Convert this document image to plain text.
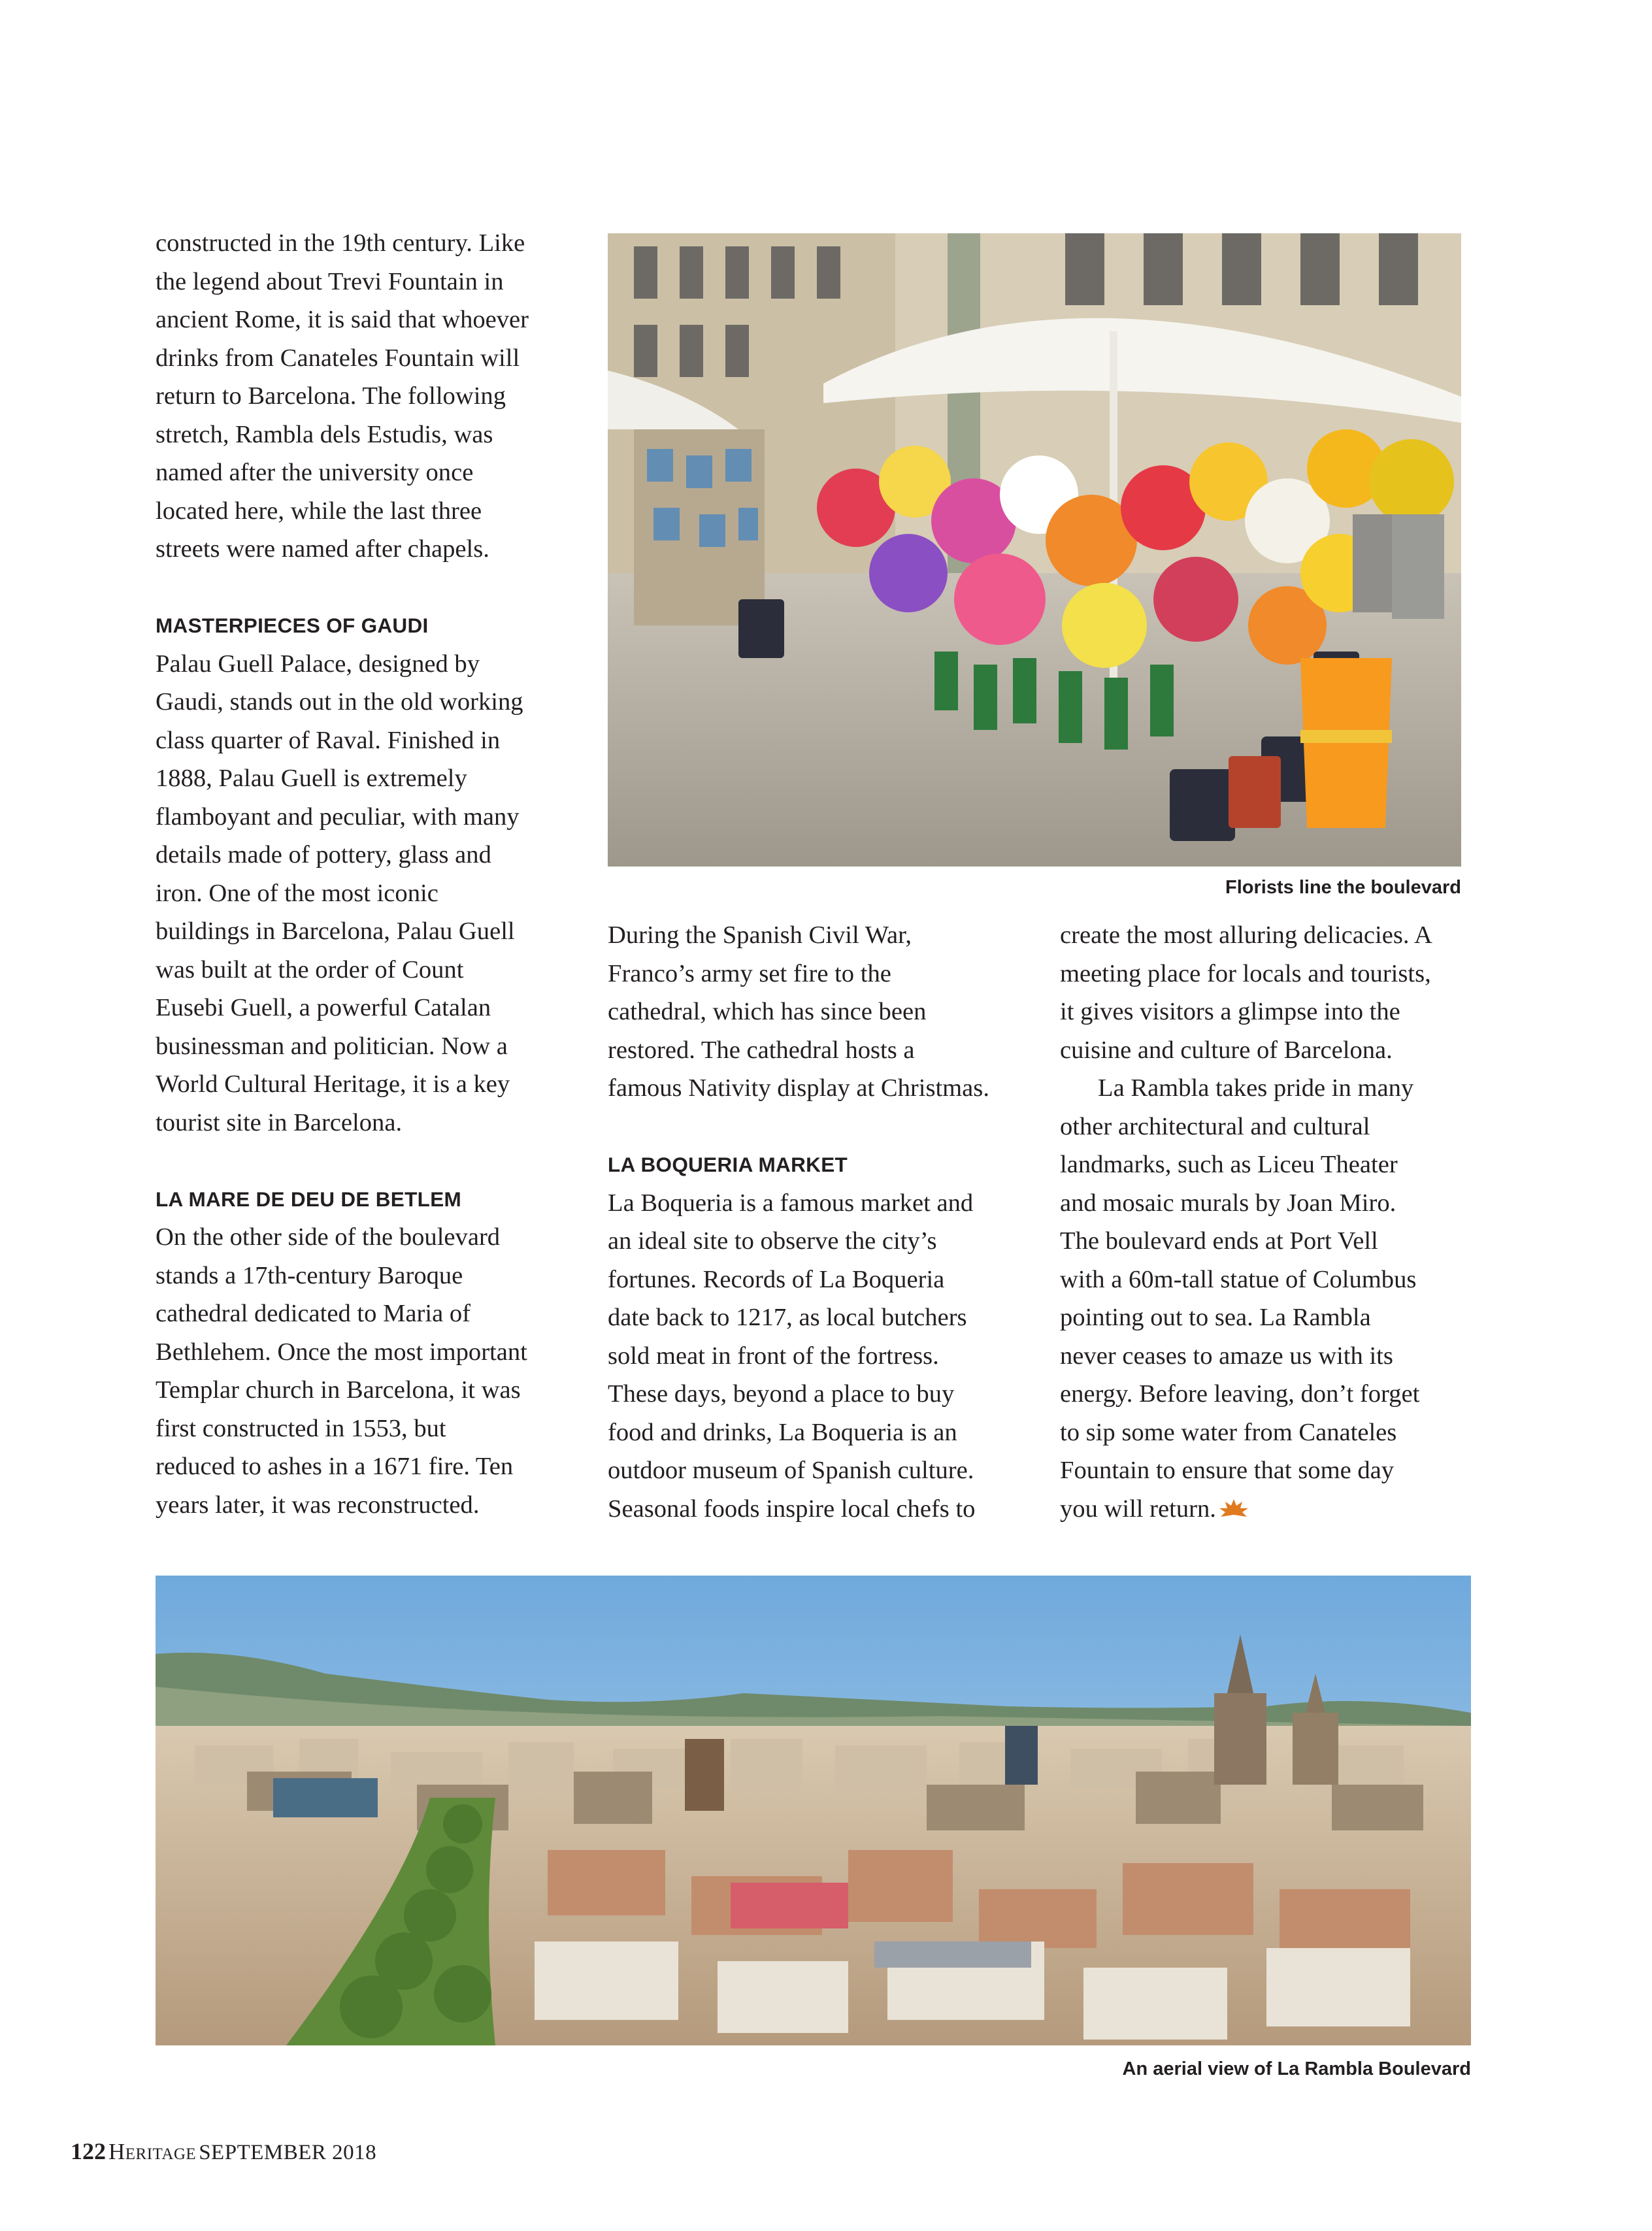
constructed in the 19th century. Like
the legend about Trevi Fountain in
ancient Rome, it is said that whoever
drinks from Canateles Fountain will
return to Barcelona. The following
stretch, Rambla dels Estudis, was
named after the university once
located here, while the last three
streets were named after chapels.
MASTERPIECES OF GAUDI
Palau Guell Palace, designed by
Gaudi, stands out in the old working
class quarter of Raval. Finished in
1888, Palau Guell is extremely
flamboyant and peculiar, with many
details made of pottery, glass and
iron. One of the most iconic
buildings in Barcelona, Palau Guell
was built at the order of Count
Eusebi Guell, a powerful Catalan
businessman and politician. Now a
World Cultural Heritage, it is a key
tourist site in Barcelona.
LA MARE DE DEU DE BETLEM
On the other side of the boulevard
stands a 17th-century Baroque
cathedral dedicated to Maria of
Bethlehem. Once the most important
Templar church in Barcelona, it was
first constructed in 1553, but
reduced to ashes in a 1671 fire. Ten
years later, it was reconstructed.
Florists line the boulevard
During the Spanish Civil War,
Franco’s army set fire to the
cathedral, which has since been
restored. The cathedral hosts a
famous Nativity display at Christmas.
LA BOQUERIA MARKET
La Boqueria is a famous market and
an ideal site to observe the city’s
fortunes. Records of La Boqueria
date back to 1217, as local butchers
sold meat in front of the fortress.
These days, beyond a place to buy
food and drinks, La Boqueria is an
outdoor museum of Spanish culture.
Seasonal foods inspire local chefs to
create the most alluring delicacies. A
meeting place for locals and tourists,
it gives visitors a glimpse into the
cuisine and culture of Barcelona.
La Rambla takes pride in many
other architectural and cultural
landmarks, such as Liceu Theater
and mosaic murals by Joan Miro.
The boulevard ends at Port Vell
with a 60m-tall statue of Columbus
pointing out to sea. La Rambla
never ceases to amaze us with its
energy. Before leaving, don’t forget
to sip some water from Canateles
Fountain to ensure that some day
you will return.
An aerial view of La Rambla Boulevard
122 Heritage SEPTEMBER 2018
